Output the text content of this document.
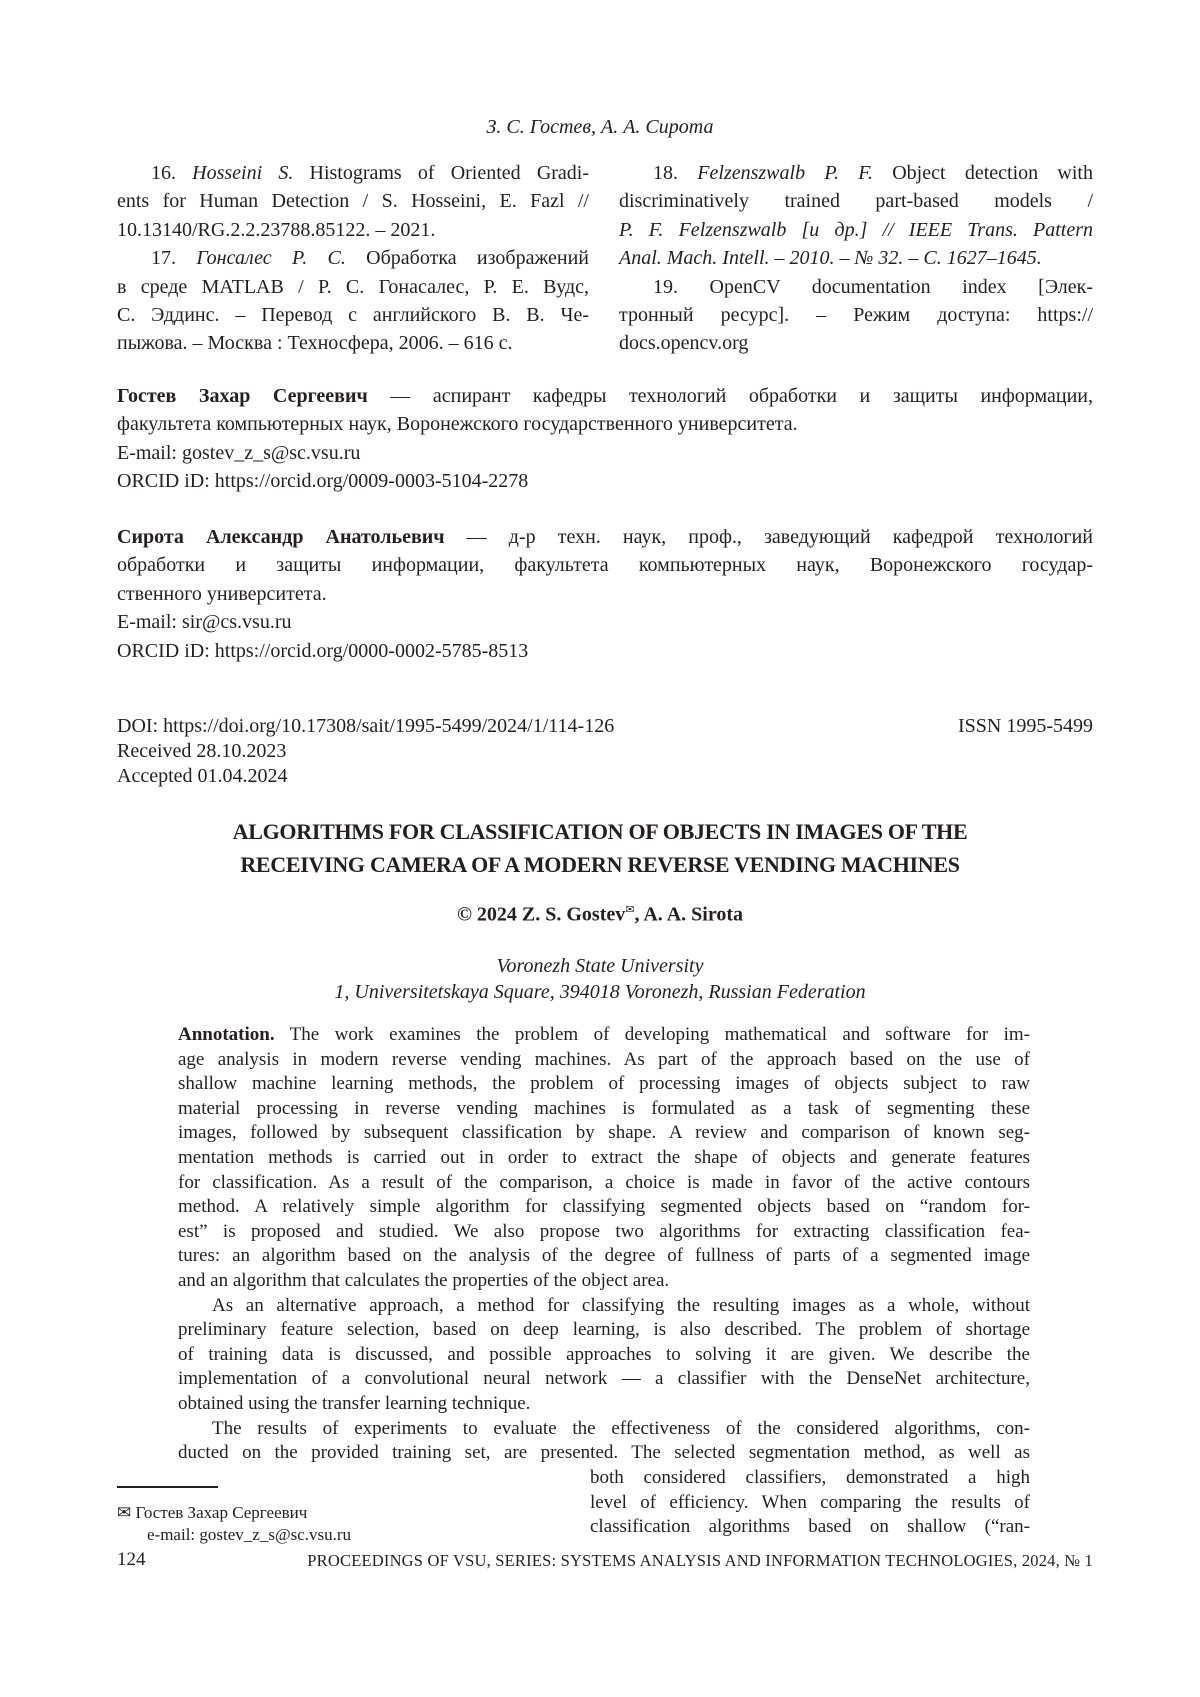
З. С. Гостев, А. А. Сирота
16. Hosseini S. Histograms of Oriented Gradi-
ents for Human Detection / S. Hosseini, E. Fazl //
10.13140/RG.2.2.23788.85122. – 2021.
17. Гонсалес Р. С. Обработка изображений
в среде MATLAB / Р. С. Гонасалес, Р. Е. Вудс,
С. Эддинс. – Перевод с английского В. В. Че-
пыжова. – Москва : Техносфера, 2006. – 616 с.
18. Felzenszwalb P. F. Object detection with
discriminatively trained part-based models /
P. F. Felzenszwalb [и др.] // IEEE Trans. Pattern
Anal. Mach. Intell. – 2010. – № 32. – С. 1627–1645.
19. OpenCV documentation index [Элек-
тронный ресурс]. – Режим доступа: https://
docs.opencv.org
Гостев Захар Сергеевич — аспирант кафедры технологий обработки и защиты информации,
факультета компьютерных наук, Воронежского государственного университета.
E-mail: gostev_z_s@sc.vsu.ru
ORCID iD: https://orcid.org/0009-0003-5104-2278
Сирота Александр Анатольевич — д-р техн. наук, проф., заведующий кафедрой технологий
обработки и защиты информации, факультета компьютерных наук, Воронежского государ-
ственного университета.
E-mail: sir@cs.vsu.ru
ORCID iD: https://orcid.org/0000-0002-5785-8513
DOI: https://doi.org/10.17308/sait/1995-5499/2024/1/114-126	ISSN 1995-5499
Received 28.10.2023
Accepted 01.04.2024
ALGORITHMS FOR CLASSIFICATION OF OBJECTS IN IMAGES OF THE
RECEIVING CAMERA OF A MODERN REVERSE VENDING MACHINES
© 2024 Z. S. Gostev✉, A. A. Sirota
Voronezh State University
1, Universitetskaya Square, 394018 Voronezh, Russian Federation
Annotation. The work examines the problem of developing mathematical and software for im-
age analysis in modern reverse vending machines. As part of the approach based on the use of
shallow machine learning methods, the problem of processing images of objects subject to raw
material processing in reverse vending machines is formulated as a task of segmenting these
images, followed by subsequent classification by shape. A review and comparison of known seg-
mentation methods is carried out in order to extract the shape of objects and generate features
for classification. As a result of the comparison, a choice is made in favor of the active contours
method. A relatively simple algorithm for classifying segmented objects based on “random for-
est” is proposed and studied. We also propose two algorithms for extracting classification fea-
tures: an algorithm based on the analysis of the degree of fullness of parts of a segmented image
and an algorithm that calculates the properties of the object area.
As an alternative approach, a method for classifying the resulting images as a whole, without
preliminary feature selection, based on deep learning, is also described. The problem of shortage
of training data is discussed, and possible approaches to solving it are given. We describe the
implementation of a convolutional neural network — a classifier with the DenseNet architecture,
obtained using the transfer learning technique.
The results of experiments to evaluate the effectiveness of the considered algorithms, con-
ducted on the provided training set, are presented. The selected segmentation method, as well as

both considered classifiers, demonstrated a high
level of efficiency. When comparing the results of
classification algorithms based on shallow (“ran-

✉ Гостев Захар Сергеевич
e-mail: gostev_z_s@sc.vsu.ru
124	PROCEEDINGS OF VSU, SERIES: SYSTEMS ANALYSIS AND INFORMATION TECHNOLOGIES, 2024, № 1
